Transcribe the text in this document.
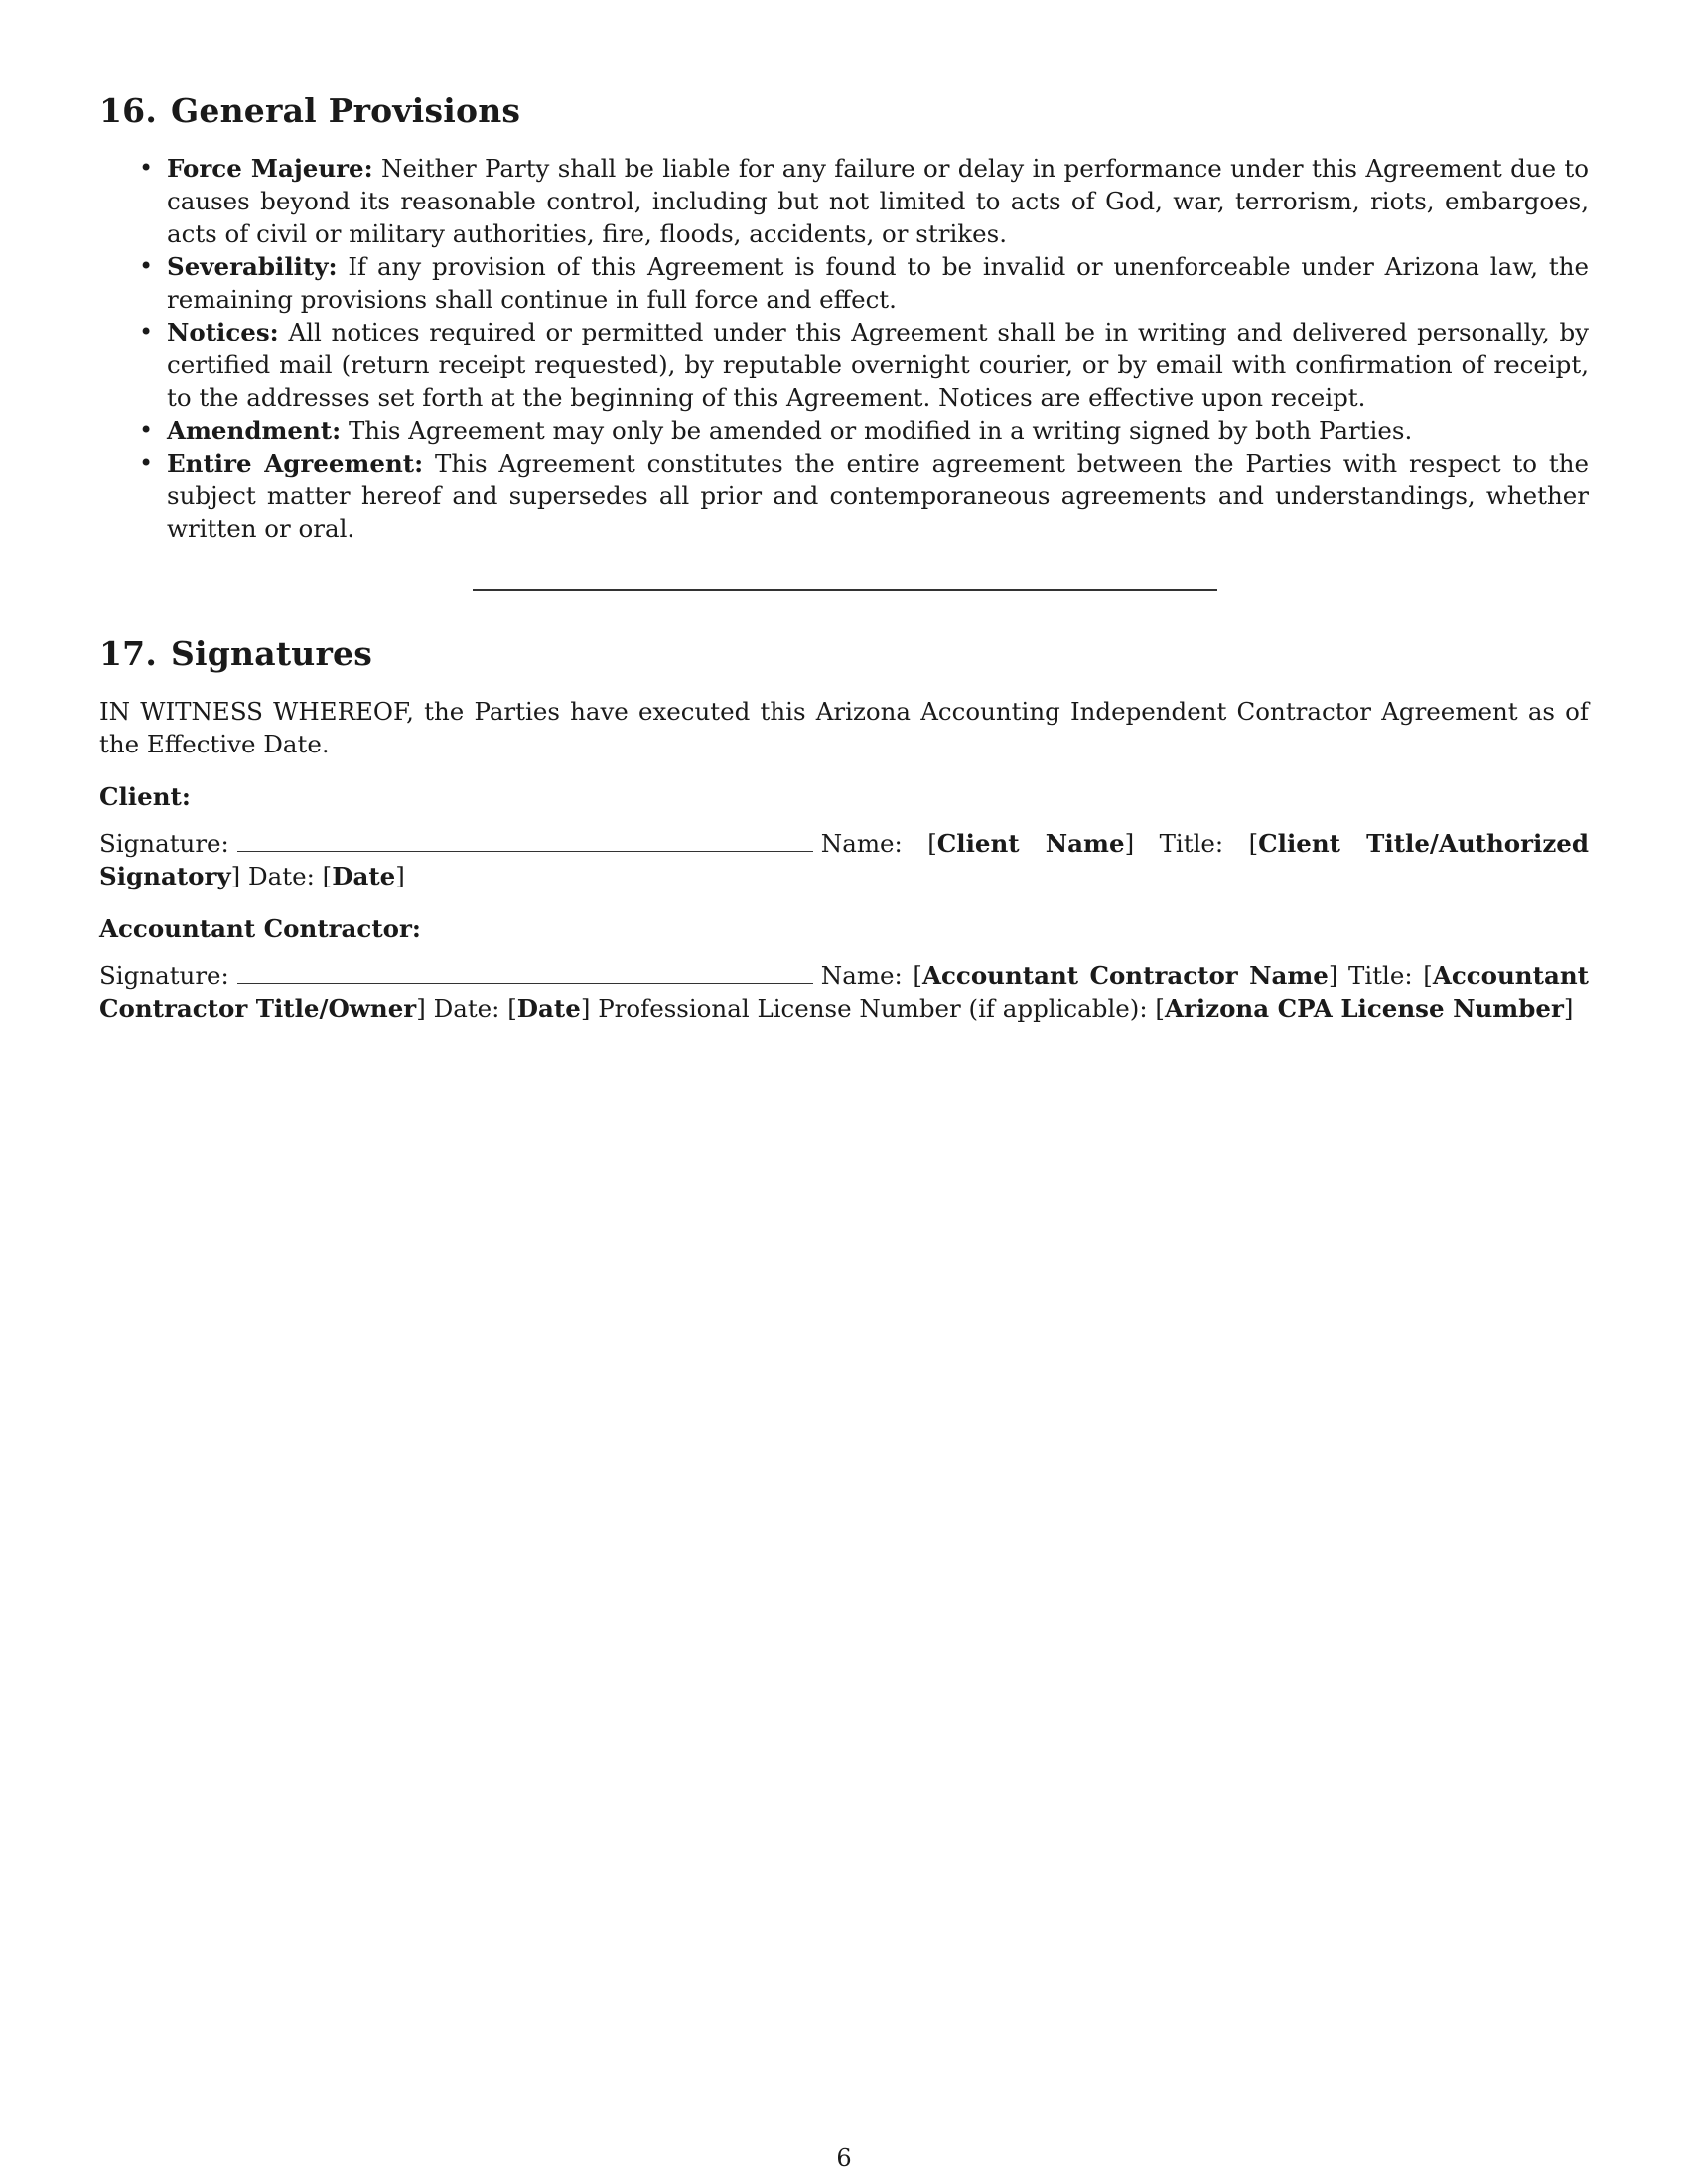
16. General Provisions
• Force Majeure: Neither Party shall be liable for any failure or delay in performance under this Agreement due to causes beyond its reasonable control, including but not limited to acts of God, war, terrorism, riots, embargoes, acts of civil or military authorities, fire, floods, accidents, or strikes.
• Severability: If any provision of this Agreement is found to be invalid or unenforceable under Arizona law, the remaining provisions shall continue in full force and effect.
• Notices: All notices required or permitted under this Agreement shall be in writing and delivered personally, by certified mail (return receipt requested), by reputable overnight courier, or by email with confirmation of receipt, to the addresses set forth at the beginning of this Agreement. Notices are effective upon receipt.
• Amendment: This Agreement may only be amended or modified in a writing signed by both Parties.
• Entire Agreement: This Agreement constitutes the entire agreement between the Parties with respect to the subject matter hereof and supersedes all prior and contemporaneous agreements and understandings, whether written or oral.
17. Signatures

IN WITNESS WHEREOF, the Parties have executed this Arizona Accounting Independent Contractor Agreement as of the Effective Date.

Client:

Signature:	Name: [Client Name] Title: [Client Title/Authorized Signatory] Date: [Date]

Accountant Contractor:

Signature:	Name: [Accountant Contractor Name] Title: [Accountant Contractor Title/Owner] Date: [Date] Professional License Number (if applicable): [Arizona CPA License Number]

6
